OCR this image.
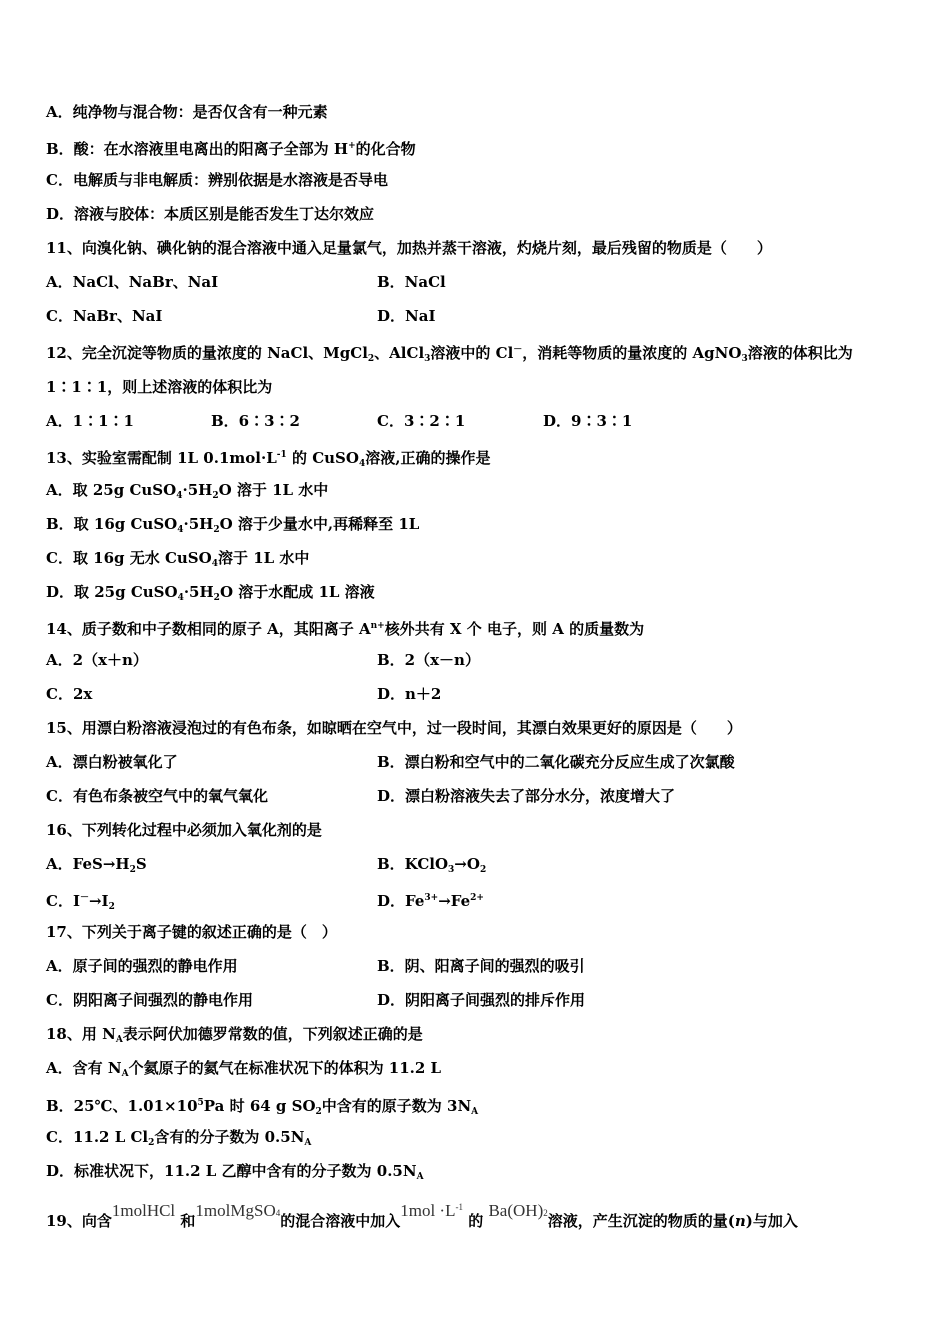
A．纯净物与混合物：是否仅含有一种元素
B．酸：在水溶液里电离出的阳离子全部为 H+的化合物
C．电解质与非电解质：辨别依据是水溶液是否导电
D．溶液与胶体：本质区别是能否发生丁达尔效应
11、向溴化钠、碘化钠的混合溶液中通入足量氯气，加热并蒸干溶液，灼烧片刻，最后残留的物质是（　　）
A．NaCl、NaBr、NaI	B．NaCl
C．NaBr、NaI	D．NaI
12、完全沉淀等物质的量浓度的 NaCl、MgCl$_2$、AlCl$_3$溶液中的 Cl－，消耗等物质的量浓度的 AgNO$_3$溶液的体积比为
1∶1∶1，则上述溶液的体积比为
A．1∶1∶1	B．6∶3∶2	C．3∶2∶1	D．9∶3∶1
13、实验室需配制 1L $0.1mol\cdot L^{-1}$ 的 CuSO$_4$溶液,正确的操作是
A．取 25g $CuSO_4\cdot 5H_2O$ 溶于 1L 水中
B．取 16g $CuSO_4\cdot 5H_2O$ 溶于少量水中,再稀释至 1L
C．取 16g 无水 CuSO$_4$溶于 1L 水中
D．取 25g $CuSO_4\cdot 5H_2O$ 溶于水配成 1L 溶液
14、质子数和中子数相同的原子 A，其阳离子 $A^{n+}$核外共有 X 个 电子，则 A 的质量数为
A．2（x＋n）	B．2（x－n）
C．2x	D．n＋2
15、用漂白粉溶液浸泡过的有色布条，如晾晒在空气中，过一段时间，其漂白效果更好的原因是（　　）
A．漂白粉被氧化了	B．漂白粉和空气中的二氧化碳充分反应生成了次氯酸
C．有色布条被空气中的氧气氧化	D．漂白粉溶液失去了部分水分，浓度增大了
16、下列转化过程中必须加入氧化剂的是
A．$FeS\to H_2S$	B．$KClO_3\to O_2$
C．$I^-\to I_2$	D．$Fe^{3+}\to Fe^{2+}$
17、下列关于离子键的叙述正确的是（　）
A．原子间的强烈的静电作用	B．阴、阳离子间的强烈的吸引
C．阴阳离子间强烈的静电作用	D．阴阳离子间强烈的排斥作用
18、用 $N_A$表示阿伏加德罗常数的值，下列叙述正确的是
A．含有 $N_A$个氦原子的氦气在标准状况下的体积为 11.2 L
B．25℃、$1.01\times 10^5Pa$ 时 64 g $SO_2$中含有的原子数为 $3N_A$
C．11.2 L $Cl_2$含有的分子数为 $0.5N_A$
D．标准状况下，11.2 L 乙醇中含有的分子数为 $0.5N_A$
19、向含1molHCl 和1molMgSO4的混合溶液中加入$1mol \cdot L^{-1}$ 的 Ba(OH)2溶液，产生沉淀的物质的量(n)与加入
